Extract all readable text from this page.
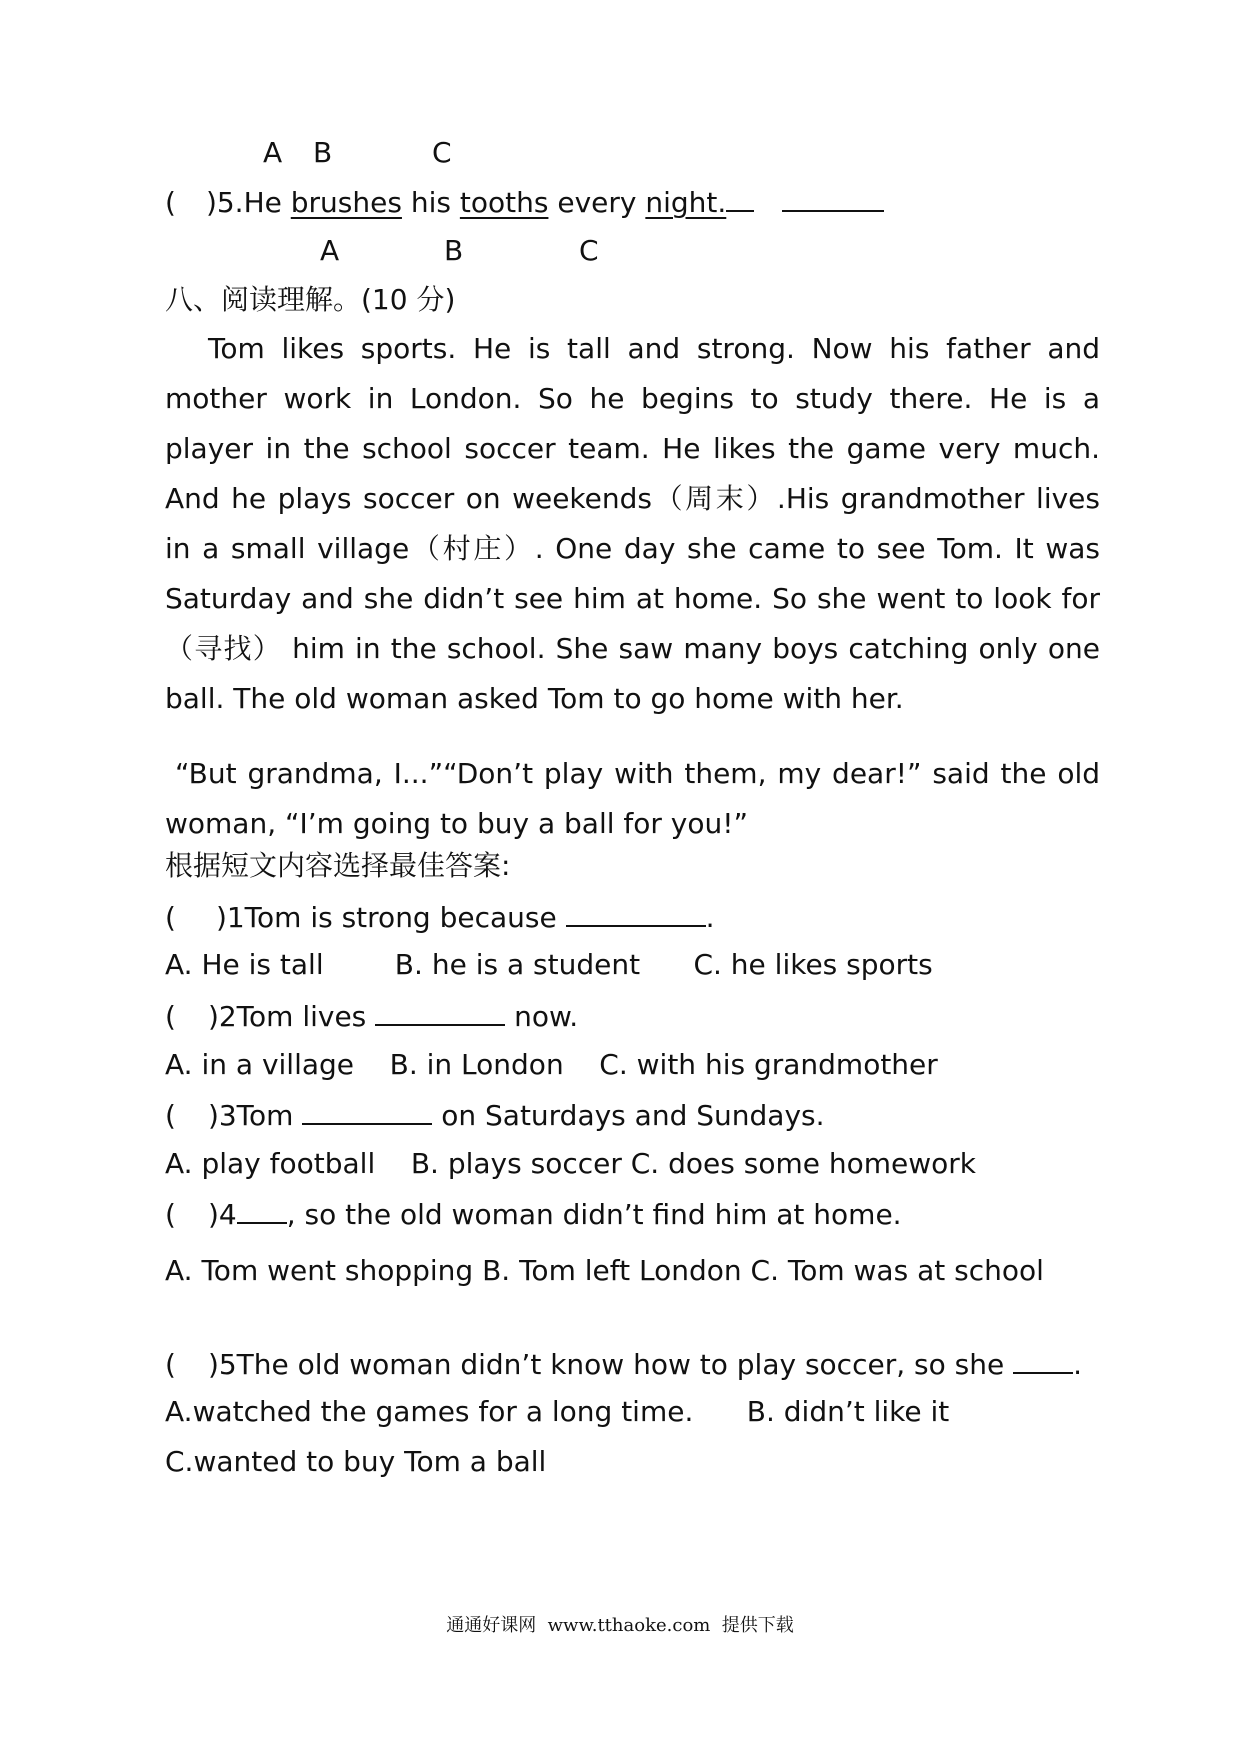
A B	C
( )5.He brushes his tooths every night.
A	B	C
八、阅读理解。(10 分)
Tom likes sports. He is tall and strong. Now his father and mother work in London. So he begins to study there. He is a player in the school soccer team. He likes the game very much. And he plays soccer on weekends（周末）.His grandmother lives in a small village（村庄）. One day she came to see Tom. It was Saturday and she didn’t see him at home. So she went to look for（寻找） him in the school. She saw many boys catching only one ball. The old woman asked Tom to go home with her.
“But grandma, I...”“Don’t play with them, my dear!” said the old woman, “I’m going to buy a ball for you!”
根据短文内容选择最佳答案:
( )1Tom is strong because	.
A. He is tall        B. he is a student      C. he likes sports
( )2Tom lives	now.
A. in a village    B. in London    C. with his grandmother
( )3Tom	on Saturdays and Sundays.
A. play football    B. plays soccer C. does some homework
( )4 , so the old woman didn’t find him at home.
A. Tom went shopping B. Tom left London C. Tom was at school
( )5The old woman didn’t know how to play soccer, so she .
A.watched the games for a long time.      B. didn’t like it
C.wanted to buy Tom a ball
通通好课网  www.tthaoke.com  提供下载
